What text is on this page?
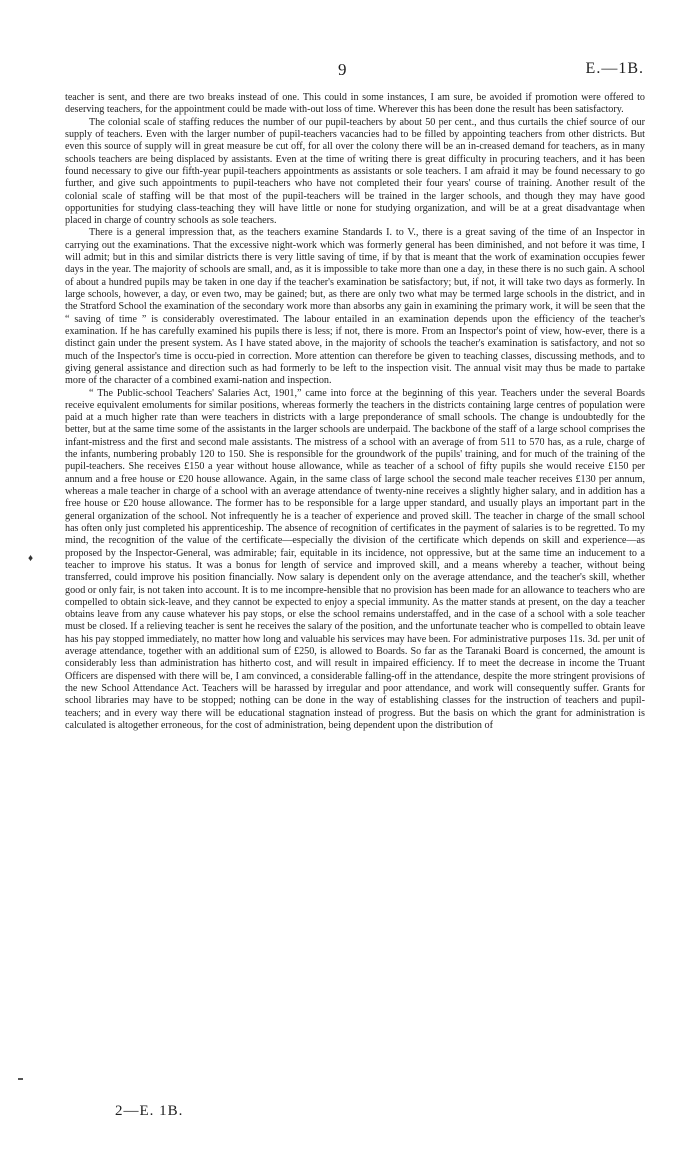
9	E.—1B.

teacher is sent, and there are two breaks instead of one. This could in some instances, I am sure, be avoided if promotion were offered to deserving teachers, for the appointment could be made with-out loss of time. Wherever this has been done the result has been satisfactory.

The colonial scale of staffing reduces the number of our pupil-teachers by about 50 per cent., and thus curtails the chief source of our supply of teachers. Even with the larger number of pupil-teachers vacancies had to be filled by appointing teachers from other districts. But even this source of supply will in great measure be cut off, for all over the colony there will be an in-creased demand for teachers, as in many schools teachers are being displaced by assistants. Even at the time of writing there is great difficulty in procuring teachers, and it has been found necessary to give our fifth-year pupil-teachers appointments as assistants or sole teachers. I am afraid it may be found necessary to go further, and give such appointments to pupil-teachers who have not completed their four years' course of training. Another result of the colonial scale of staffing will be that most of the pupil-teachers will be trained in the larger schools, and though they may have good opportunities for studying class-teaching they will have little or none for studying organization, and will be at a great disadvantage when placed in charge of country schools as sole teachers.

There is a general impression that, as the teachers examine Standards I. to V., there is a great saving of the time of an Inspector in carrying out the examinations. That the excessive night-work which was formerly general has been diminished, and not before it was time, I will admit; but in this and similar districts there is very little saving of time, if by that is meant that the work of examination occupies fewer days in the year. The majority of schools are small, and, as it is impossible to take more than one a day, in these there is no such gain. A school of about a hundred pupils may be taken in one day if the teacher's examination be satisfactory; but, if not, it will take two days as formerly. In large schools, however, a day, or even two, may be gained; but, as there are only two what may be termed large schools in the district, and in the Stratford School the examination of the secondary work more than absorbs any gain in examining the primary work, it will be seen that the “ saving of time ” is considerably overestimated. The labour entailed in an examination depends upon the efficiency of the teacher's examination. If he has carefully examined his pupils there is less; if not, there is more. From an Inspector's point of view, how-ever, there is a distinct gain under the present system. As I have stated above, in the majority of schools the teacher's examination is satisfactory, and not so much of the Inspector's time is occu-pied in correction. More attention can therefore be given to teaching classes, discussing methods, and to giving general assistance and direction such as had formerly to be left to the inspection visit. The annual visit may thus be made to partake more of the character of a combined exami-nation and inspection.

“ The Public-school Teachers' Salaries Act, 1901,” came into force at the beginning of this year. Teachers under the several Boards receive equivalent emoluments for similar positions, whereas formerly the teachers in the districts containing large centres of population were paid at a much higher rate than were teachers in districts with a large preponderance of small schools. The change is undoubtedly for the better, but at the same time some of the assistants in the larger schools are underpaid. The backbone of the staff of a large school comprises the infant-mistress and the first and second male assistants. The mistress of a school with an average of from 511 to 570 has, as a rule, charge of the infants, numbering probably 120 to 150. She is responsible for the groundwork of the pupils' training, and for much of the training of the pupil-teachers. She receives £150 a year without house allowance, while as teacher of a school of fifty pupils she would receive £150 per annum and a free house or £20 house allowance. Again, in the same class of large school the second male teacher receives £130 per annum, whereas a male teacher in charge of a school with an average attendance of twenty-nine receives a slightly higher salary, and in addition has a free house or £20 house allowance. The former has to be responsible for a large upper standard, and usually plays an important part in the general organization of the school. Not infrequently he is a teacher of experience and proved skill. The teacher in charge of the small school has often only just completed his apprenticeship. The absence of recognition of certificates in the payment of salaries is to be regretted. To my mind, the recognition of the value of the certificate—especially the division of the certificate which depends on skill and experience—as proposed by the Inspector-General, was admirable; fair, equitable in its incidence, not oppressive, but at the same time an inducement to a teacher to improve his status. It was a bonus for length of service and improved skill, and a means whereby a teacher, without being transferred, could improve his position financially. Now salary is dependent only on the average attendance, and the teacher's skill, whether good or only fair, is not taken into account. It is to me incompre-hensible that no provision has been made for an allowance to teachers who are compelled to obtain sick-leave, and they cannot be expected to enjoy a special immunity. As the matter stands at present, on the day a teacher obtains leave from any cause whatever his pay stops, or else the school remains understaffed, and in the case of a school with a sole teacher must be closed. If a relieving teacher is sent he receives the salary of the position, and the unfortunate teacher who is compelled to obtain leave has his pay stopped immediately, no matter how long and valuable his services may have been. For administrative purposes 11s. 3d. per unit of average attendance, together with an additional sum of £250, is allowed to Boards. So far as the Taranaki Board is concerned, the amount is considerably less than administration has hitherto cost, and will result in impaired efficiency. If to meet the decrease in income the Truant Officers are dispensed with there will be, I am convinced, a considerable falling-off in the attendance, despite the more stringent provisions of the new School Attendance Act. Teachers will be harassed by irregular and poor attendance, and work will consequently suffer. Grants for school libraries may have to be stopped; nothing can be done in the way of establishing classes for the instruction of teachers and pupil-teachers; and in every way there will be educational stagnation instead of progress. But the basis on which the grant for administration is calculated is altogether erroneous, for the cost of administration, being dependent upon the distribution of

2—E. 1B.
♦
